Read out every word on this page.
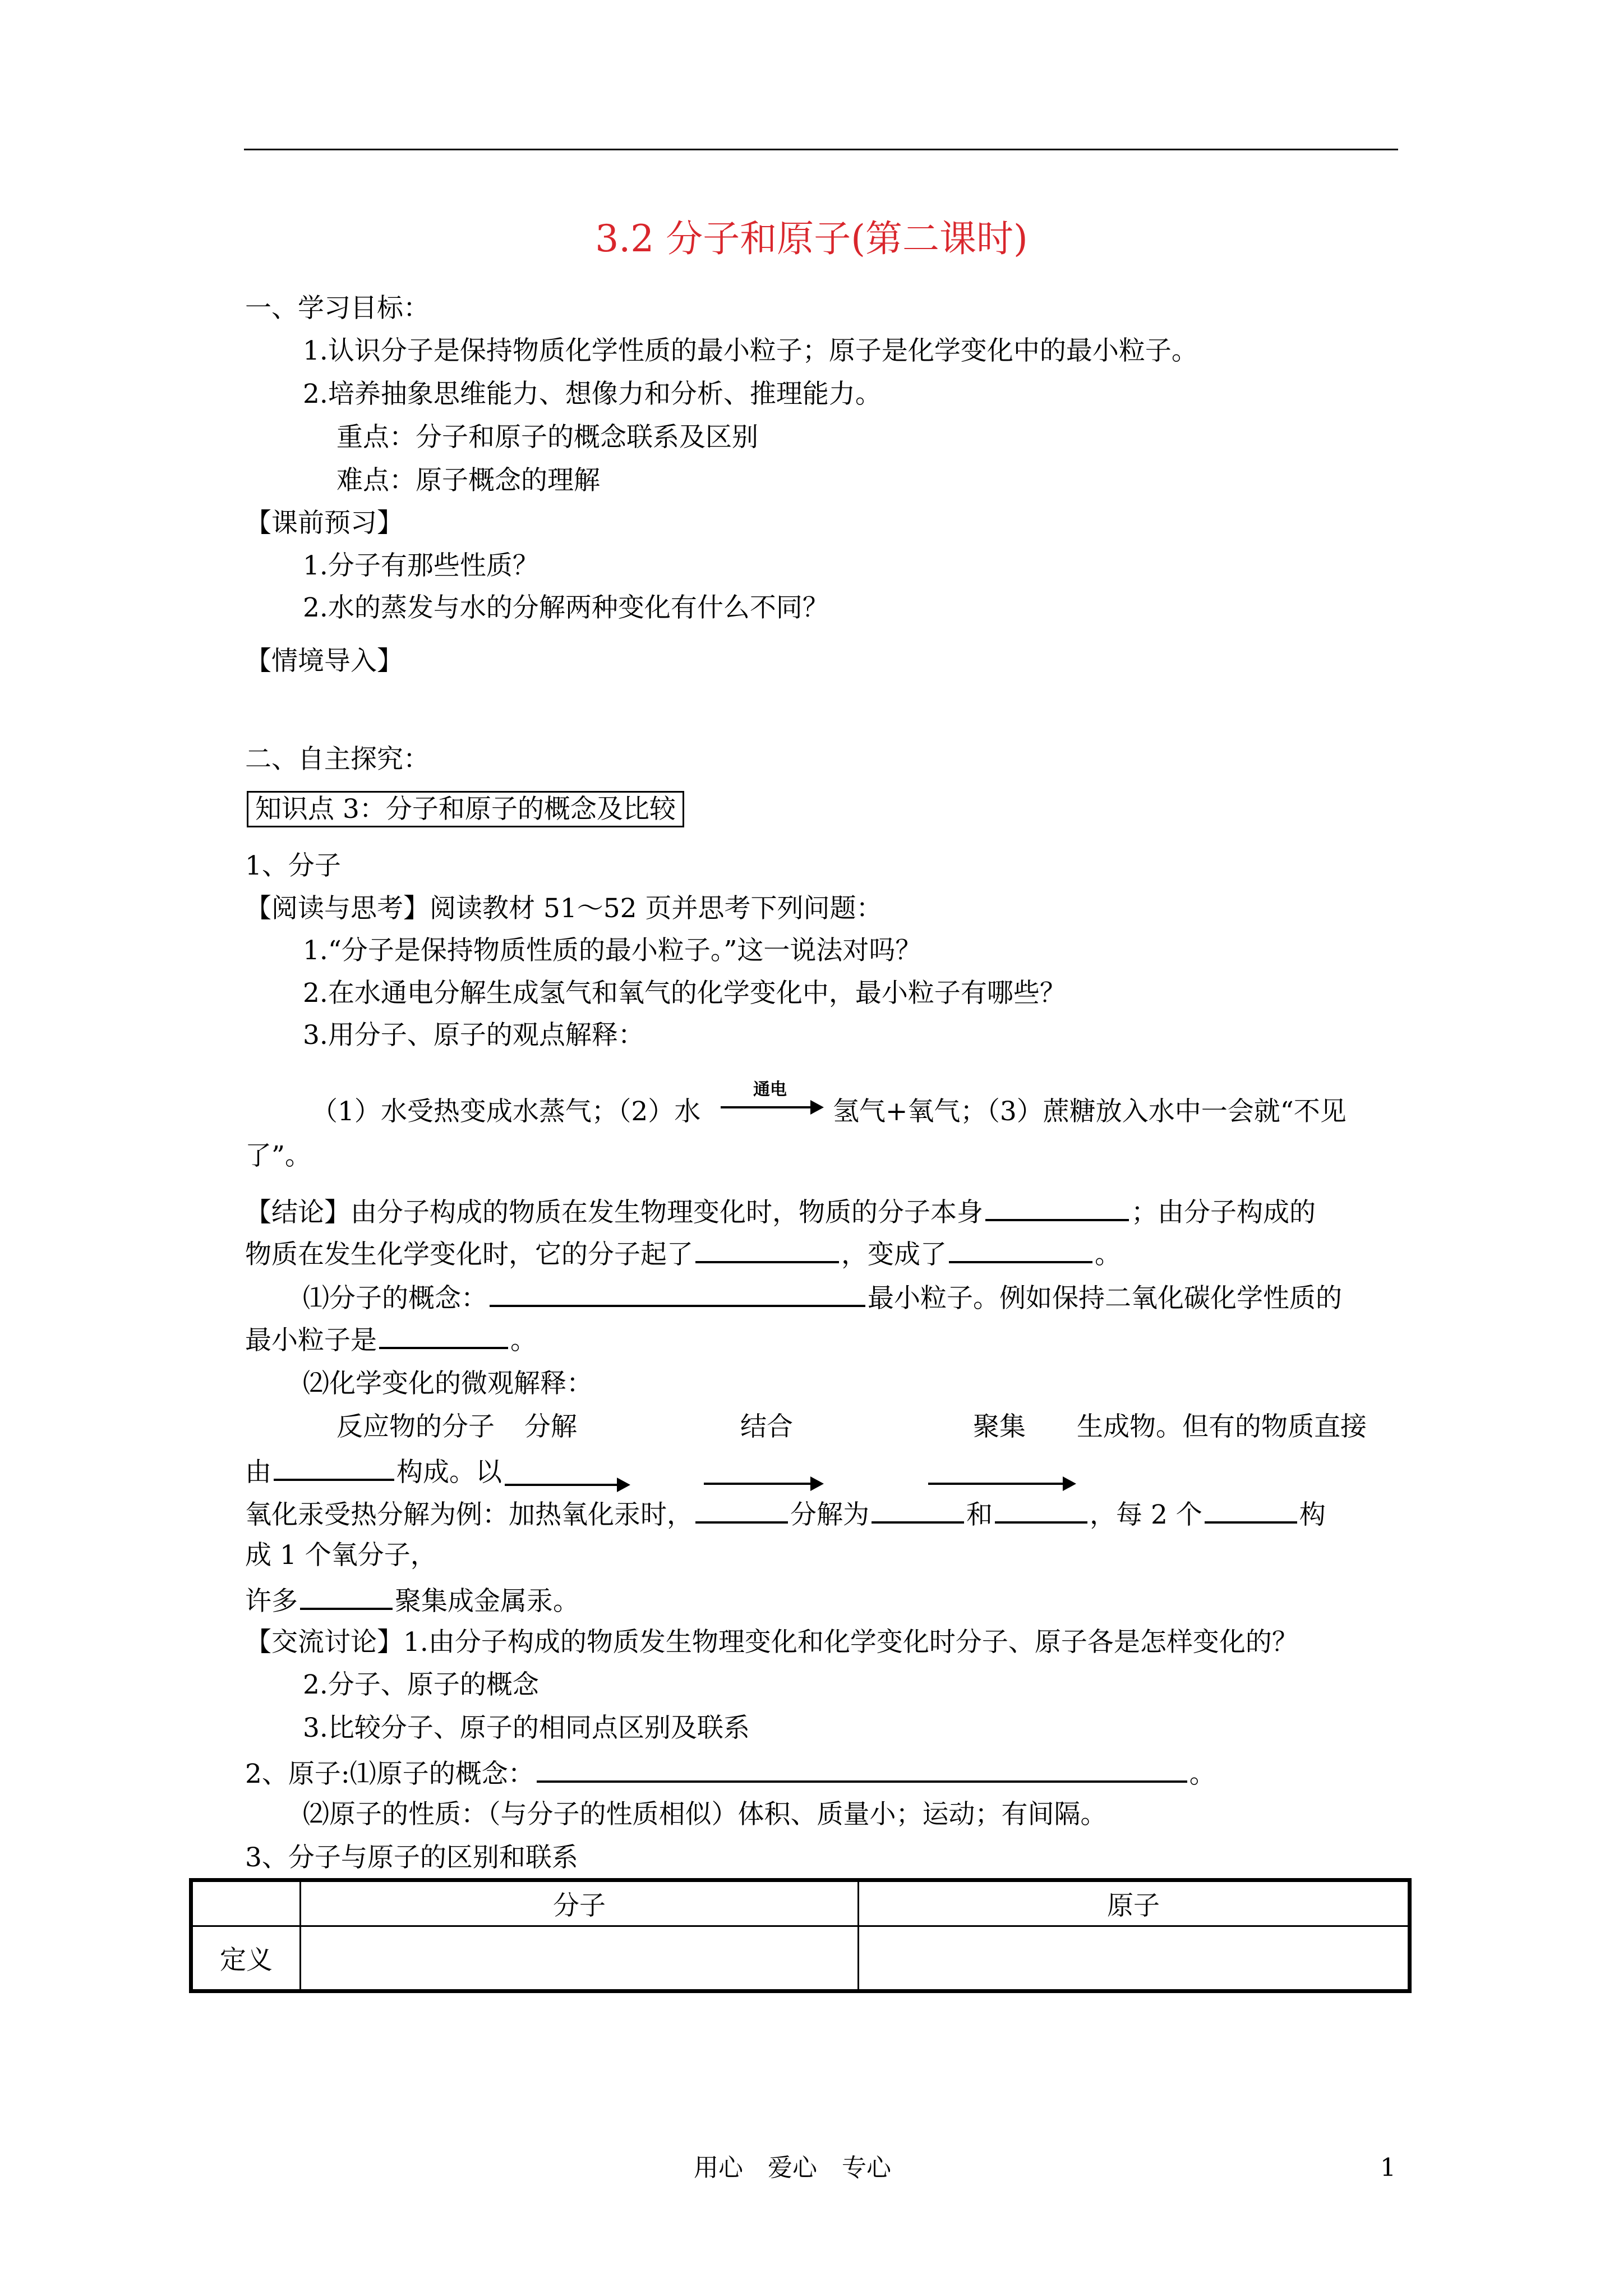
3.2 分子和原子(第二课时)
一、学习目标：
1.认识分子是保持物质化学性质的最小粒子；原子是化学变化中的最小粒子。
2.培养抽象思维能力、想像力和分析、推理能力。
重点：分子和原子的概念联系及区别
难点：原子概念的理解
【课前预习】
1.分子有那些性质？
2.水的蒸发与水的分解两种变化有什么不同？
【情境导入】
二、自主探究：
知识点 3：分子和原子的概念及比较
1、分子
【阅读与思考】阅读教材 51～52 页并思考下列问题：
1.“分子是保持物质性质的最小粒子。”这一说法对吗？
2.在水通电分解生成氢气和氧气的化学变化中，最小粒子有哪些？
3.用分子、原子的观点解释：
（1）水受热变成水蒸气；（2）水
通电
→ 氢气+氧气；（3）蔗糖放入水中一会就“不见
了”。
【结论】由分子构成的物质在发生物理变化时，物质的分子本身	；由分子构成的
物质在发生化学变化时，它的分子起了	，变成了	。
⑴分子的概念：	最小粒子。例如保持二氧化碳化学性质的
最小粒子是	。
⑵化学变化的微观解释：
反应物的分子 分解	结合	聚集 生成物。但有的物质直接
由	构成。以
氧化汞受热分解为例：加热氧化汞时，	分解为	和	，每 2 个	构
成 1 个氧分子，
许多	聚集成金属汞。
【交流讨论】1.由分子构成的物质发生物理变化和化学变化时分子、原子各是怎样变化的？
2.分子、原子的概念
3.比较分子、原子的相同点区别及联系
2、原子:⑴原子的概念：	。
⑵原子的性质：（与分子的性质相似）体积、质量小；运动；有间隔。
3、分子与原子的区别和联系
	分子	原子
定义		
用心　爱心　专心	1
